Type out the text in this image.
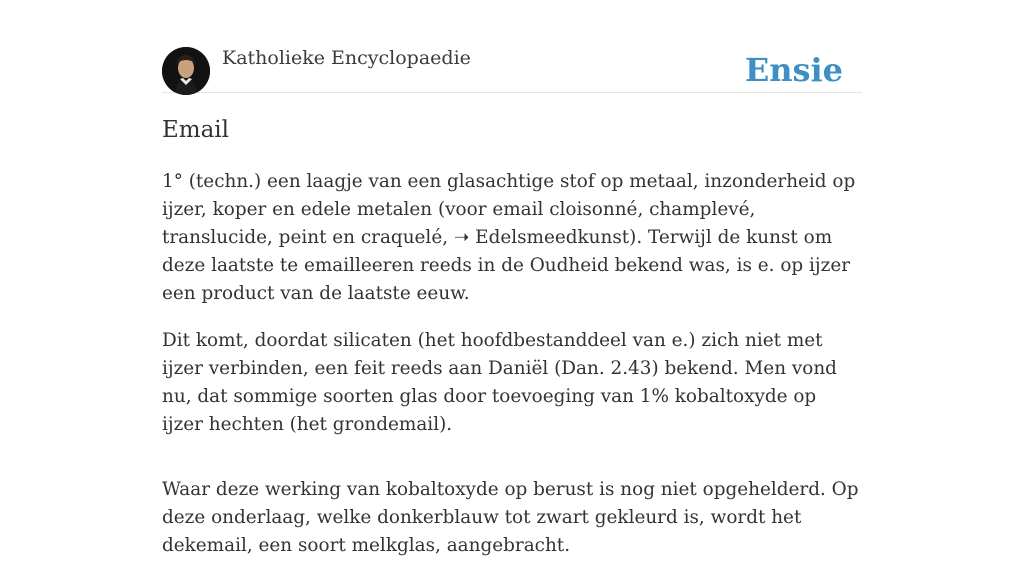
Katholieke Encyclopaedie	Ensie
Email

1° (techn.) een laagje van een glasachtige stof op metaal, inzonderheid op ijzer, koper en edele metalen (voor email cloisonné, champlevé, translucide, peint en craquelé, ➝ Edelsmeedkunst). Terwijl de kunst om deze laatste te emailleeren reeds in de Oudheid bekend was, is e. op ijzer een product van de laatste eeuw.

Dit komt, doordat silicaten (het hoofdbestanddeel van e.) zich niet met ijzer verbinden, een feit reeds aan Daniël (Dan. 2.43) bekend. Men vond nu, dat sommige soorten glas door toevoeging van 1% kobaltoxyde op ijzer hechten (het grondemail).

Waar deze werking van kobaltoxyde op berust is nog niet opgehelderd. Op deze onderlaag, welke donkerblauw tot zwart gekleurd is, wordt het dekemail, een soort melkglas, aangebracht.
